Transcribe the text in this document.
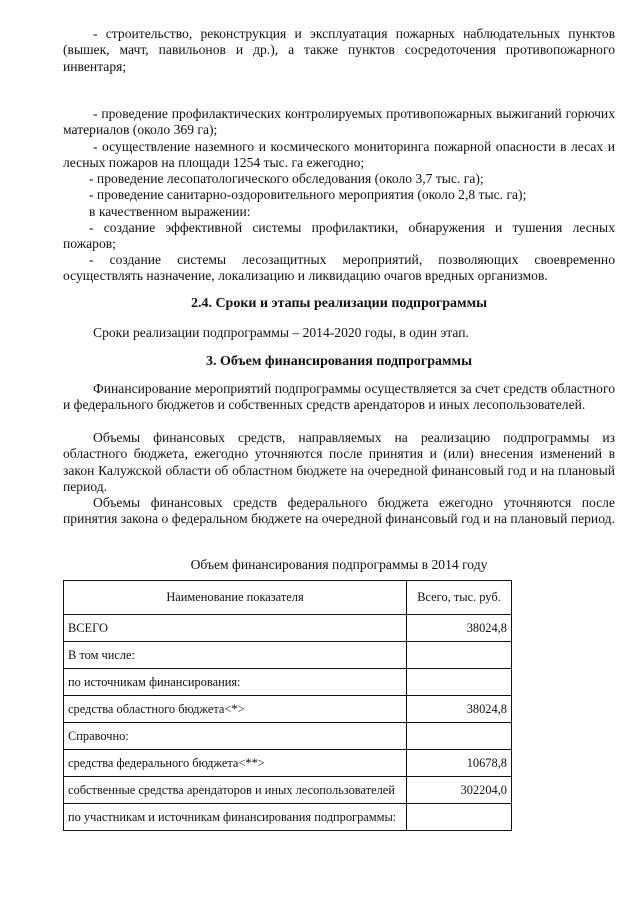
- строительство, реконструкция и эксплуатация пожарных наблюдательных пунктов (вышек, мачт, павильонов и др.), а также пунктов сосредоточения противопожарного инвентаря;

- проведение профилактических контролируемых противопожарных выжиганий горючих материалов (около 369 га);

- осуществление наземного и космического мониторинга пожарной опасности в лесах и лесных пожаров на площади 1254 тыс. га ежегодно;

- проведение лесопатологического обследования (около 3,7 тыс. га);

- проведение санитарно-оздоровительного мероприятия (около 2,8 тыс. га);

в качественном выражении:

- создание эффективной системы профилактики, обнаружения и тушения лесных пожаров;

- создание системы лесозащитных мероприятий, позволяющих своевременно осуществлять назначение, локализацию и ликвидацию очагов вредных организмов.

2.4. Сроки и этапы реализации подпрограммы

Сроки реализации подпрограммы – 2014-2020 годы, в один этап.

3. Объем финансирования подпрограммы

Финансирование мероприятий подпрограммы осуществляется за счет средств областного и федерального бюджетов и собственных средств арендаторов и иных лесопользователей.

Объемы финансовых средств, направляемых на реализацию подпрограммы из областного бюджета, ежегодно уточняются после принятия и (или) внесения изменений в закон Калужской области об областном бюджете на очередной финансовый год и на плановый период.

Объемы финансовых средств федерального бюджета ежегодно уточняются после принятия закона о федеральном бюджете на очередной финансовый год и на плановый период.

Объем финансирования подпрограммы в 2014 году

Наименование показателя	Всего, тыс. руб.
ВСЕГО	38024,8
В том числе:	
по источникам финансирования:	
средства областного бюджета<*>	38024,8
Справочно:	
средства федерального бюджета<**>	10678,8
собственные средства арендаторов и иных лесопользователей	302204,0
по участникам и источникам финансирования подпрограммы:	
